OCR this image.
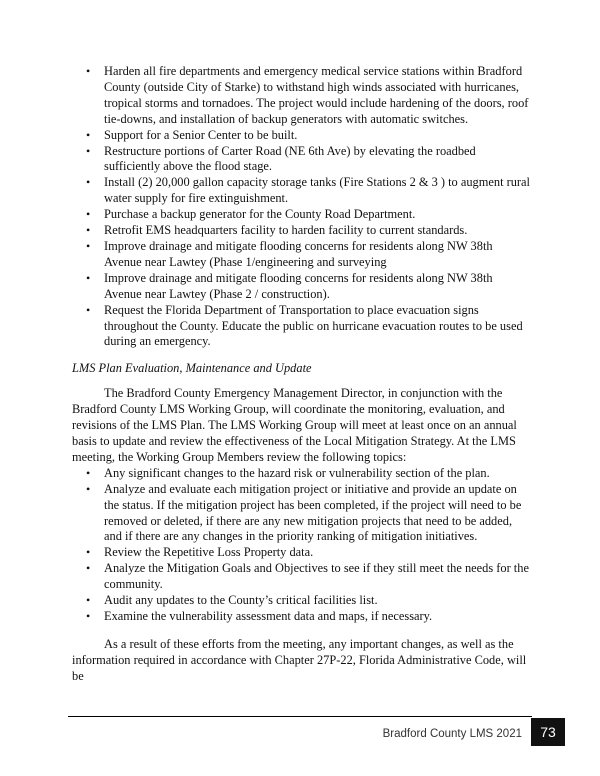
• Harden all fire departments and emergency medical service stations within Bradford County (outside City of Starke) to withstand high winds associated with hurricanes, tropical storms and tornadoes. The project would include hardening of the doors, roof tie-downs, and installation of backup generators with automatic switches.
• Support for a Senior Center to be built.
• Restructure portions of Carter Road (NE 6th Ave) by elevating the roadbed sufficiently above the flood stage.
• Install (2) 20,000 gallon capacity storage tanks (Fire Stations 2 & 3 ) to augment rural water supply for fire extinguishment.
• Purchase a backup generator for the County Road Department.
• Retrofit EMS headquarters facility to harden facility to current standards.
• Improve drainage and mitigate flooding concerns for residents along NW 38th Avenue near Lawtey (Phase 1/engineering and surveying
• Improve drainage and mitigate flooding concerns for residents along NW 38th Avenue near Lawtey (Phase 2 / construction).
• Request the Florida Department of Transportation to place evacuation signs throughout the County. Educate the public on hurricane evacuation routes to be used during an emergency.
LMS Plan Evaluation, Maintenance and Update

The Bradford County Emergency Management Director, in conjunction with the Bradford County LMS Working Group, will coordinate the monitoring, evaluation, and revisions of the LMS Plan. The LMS Working Group will meet at least once on an annual basis to update and review the effectiveness of the Local Mitigation Strategy. At the LMS meeting, the Working Group Members review the following topics:

• Any significant changes to the hazard risk or vulnerability section of the plan.
• Analyze and evaluate each mitigation project or initiative and provide an update on the status. If the mitigation project has been completed, if the project will need to be removed or deleted, if there are any new mitigation projects that need to be added, and if there are any changes in the priority ranking of mitigation initiatives.
• Review the Repetitive Loss Property data.
• Analyze the Mitigation Goals and Objectives to see if they still meet the needs for the community.
• Audit any updates to the County’s critical facilities list.
• Examine the vulnerability assessment data and maps, if necessary.

As a result of these efforts from the meeting, any important changes, as well as the information required in accordance with Chapter 27P-22, Florida Administrative Code, will be

Bradford County LMS 2021	73
